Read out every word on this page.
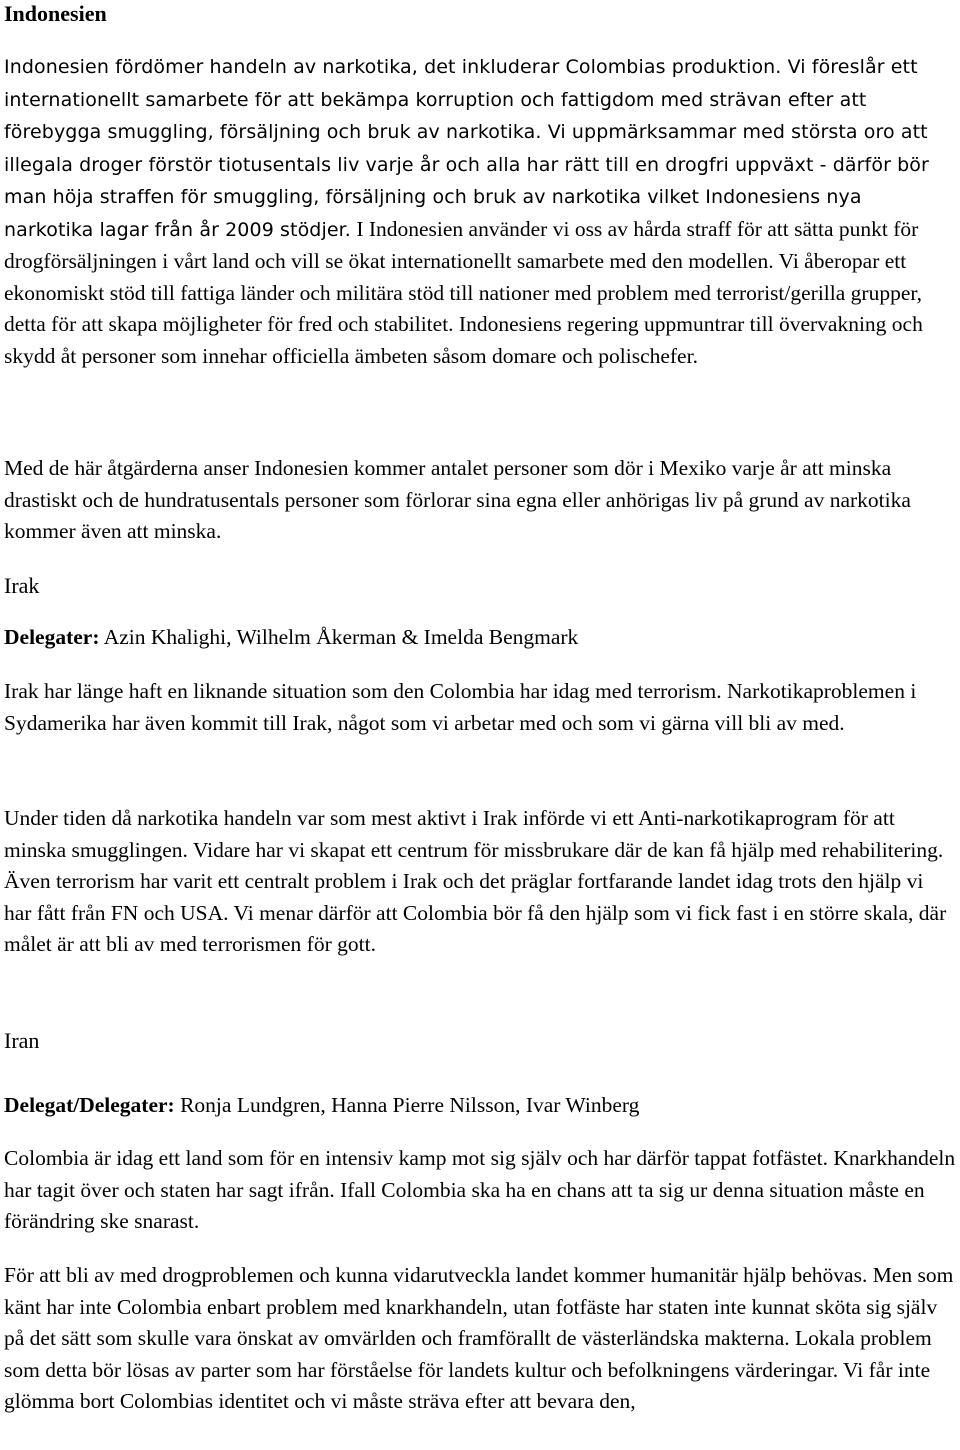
Indonesien

Indonesien fördömer handeln av narkotika, det inkluderar Colombias produktion. Vi föreslår ett internationellt samarbete för att bekämpa korruption och fattigdom med strävan efter att förebygga smuggling, försäljning och bruk av narkotika. Vi uppmärksammar med största oro att illegala droger förstör tiotusentals liv varje år och alla har rätt till en drogfri uppväxt - därför bör man höja straffen för smuggling, försäljning och bruk av narkotika vilket Indonesiens nya narkotika lagar från år 2009 stödjer. I Indonesien använder vi oss av hårda straff för att sätta punkt för drogförsäljningen i vårt land och vill se ökat internationellt samarbete med den modellen. Vi åberopar ett ekonomiskt stöd till fattiga länder och militära stöd till nationer med problem med terrorist/gerilla grupper, detta för att skapa möjligheter för fred och stabilitet. Indonesiens regering uppmuntrar till övervakning och skydd åt personer som innehar officiella ämbeten såsom domare och polischefer.

Med de här åtgärderna anser Indonesien kommer antalet personer som dör i Mexiko varje år att minska drastiskt och de hundratusentals personer som förlorar sina egna eller anhörigas liv på grund av narkotika kommer även att minska.

Irak

Delegater: Azin Khalighi, Wilhelm Åkerman & Imelda Bengmark

Irak har länge haft en liknande situation som den Colombia har idag med terrorism. Narkotikaproblemen i Sydamerika har även kommit till Irak, något som vi arbetar med och som vi gärna vill bli av med.

Under tiden då narkotika handeln var som mest aktivt i Irak införde vi ett Anti-narkotikaprogram för att minska smugglingen. Vidare har vi skapat ett centrum för missbrukare där de kan få hjälp med rehabilitering. Även terrorism har varit ett centralt problem i Irak och det präglar fortfarande landet idag trots den hjälp vi har fått från FN och USA. Vi menar därför att Colombia bör få den hjälp som vi fick fast i en större skala, där målet är att bli av med terrorismen för gott.

Iran

Delegat/Delegater: Ronja Lundgren, Hanna Pierre Nilsson, Ivar Winberg

Colombia är idag ett land som för en intensiv kamp mot sig själv och har därför tappat fotfästet. Knarkhandeln har tagit över och staten har sagt ifrån. Ifall Colombia ska ha en chans att ta sig ur denna situation måste en förändring ske snarast.

För att bli av med drogproblemen och kunna vidarutveckla landet kommer humanitär hjälp behövas. Men som känt har inte Colombia enbart problem med knarkhandeln, utan fotfäste har staten inte kunnat sköta sig själv på det sätt som skulle vara önskat av omvärlden och framförallt de västerländska makterna. Lokala problem som detta bör lösas av parter som har förståelse för landets kultur och befolkningens värderingar. Vi får inte glömma bort Colombias identitet och vi måste sträva efter att bevara den,
